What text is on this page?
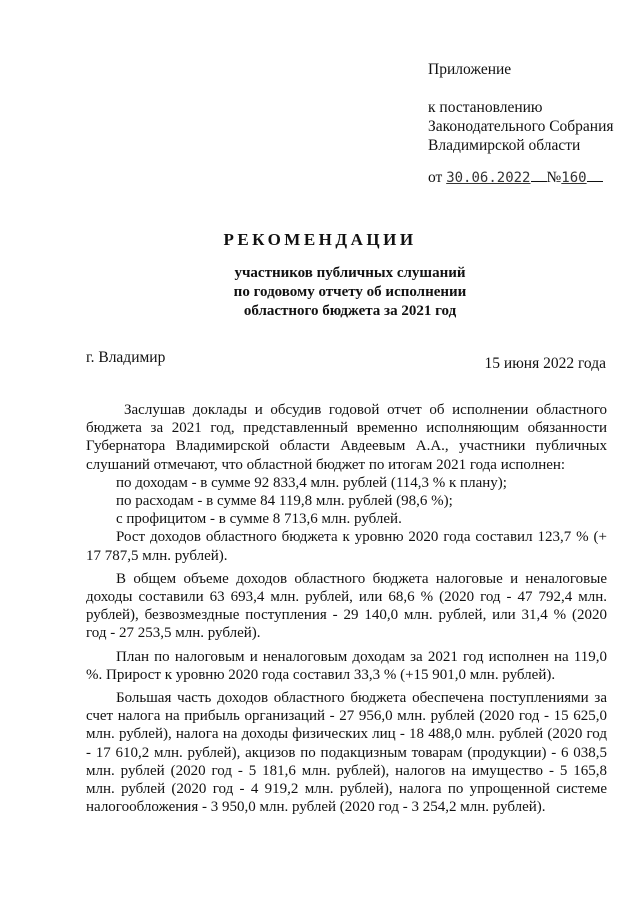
Приложение
к постановлению
Законодательного Собрания
Владимирской области
от 30.06.2022 №160
РЕКОМЕНДАЦИИ
участников публичных слушаний
по годовому отчету об исполнении
областного бюджета за 2021 год
г. Владимир	15 июня 2022 года

Заслушав доклады и обсудив годовой отчет об исполнении областного бюджета за 2021 год, представленный временно исполняющим обязанности Губернатора Владимирской области Авдеевым А.А., участники публичных слушаний отмечают, что областной бюджет по итогам 2021 года исполнен:

по доходам - в сумме 92 833,4 млн. рублей (114,3 % к плану);

по расходам - в сумме 84 119,8 млн. рублей (98,6 %);

с профицитом - в сумме 8 713,6 млн. рублей.

Рост доходов областного бюджета к уровню 2020 года составил 123,7 % (+ 17 787,5 млн. рублей).

В общем объеме доходов областного бюджета налоговые и неналоговые доходы составили 63 693,4 млн. рублей, или 68,6 % (2020 год - 47 792,4 млн. рублей), безвозмездные поступления - 29 140,0 млн. рублей, или 31,4 % (2020 год - 27 253,5 млн. рублей).

План по налоговым и неналоговым доходам за 2021 год исполнен на 119,0 %. Прирост к уровню 2020 года составил 33,3 % (+15 901,0 млн. рублей).

Большая часть доходов областного бюджета обеспечена поступлениями за счет налога на прибыль организаций - 27 956,0 млн. рублей (2020 год - 15 625,0 млн. рублей), налога на доходы физических лиц - 18 488,0 млн. рублей (2020 год - 17 610,2 млн. рублей), акцизов по подакцизным товарам (продукции) - 6 038,5 млн. рублей (2020 год - 5 181,6 млн. рублей), налогов на имущество - 5 165,8 млн. рублей (2020 год - 4 919,2 млн. рублей), налога по упрощенной системе налогообложения - 3 950,0 млн. рублей (2020 год - 3 254,2 млн. рублей).
